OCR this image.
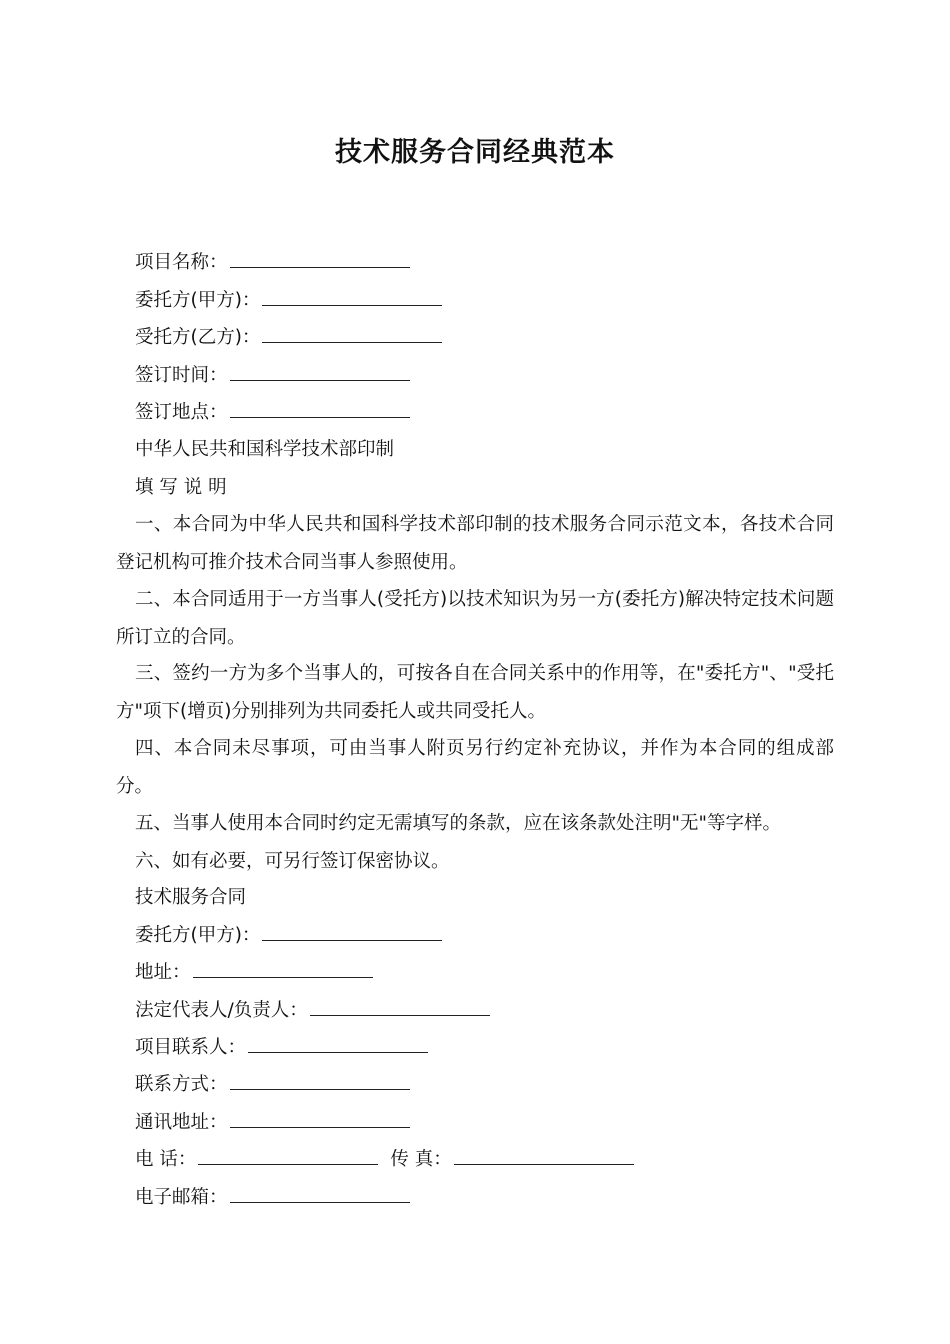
技术服务合同经典范本
项目名称：
委托方(甲方)：
受托方(乙方)：
签订时间：
签订地点：
中华人民共和国科学技术部印制
填 写 说 明

一、本合同为中华人民共和国科学技术部印制的技术服务合同示范文本，各技术合同登记机构可推介技术合同当事人参照使用。

二、本合同适用于一方当事人(受托方)以技术知识为另一方(委托方)解决特定技术问题所订立的合同。

三、签约一方为多个当事人的，可按各自在合同关系中的作用等，在"委托方"、"受托方"项下(增页)分别排列为共同委托人或共同受托人。

四、本合同未尽事项，可由当事人附页另行约定补充协议，并作为本合同的组成部分。

五、当事人使用本合同时约定无需填写的条款，应在该条款处注明"无"等字样。

六、如有必要，可另行签订保密协议。

技术服务合同
委托方(甲方)：
地址：
法定代表人/负责人：
项目联系人：
联系方式：
通讯地址：
电 话：	传 真：
电子邮箱：
